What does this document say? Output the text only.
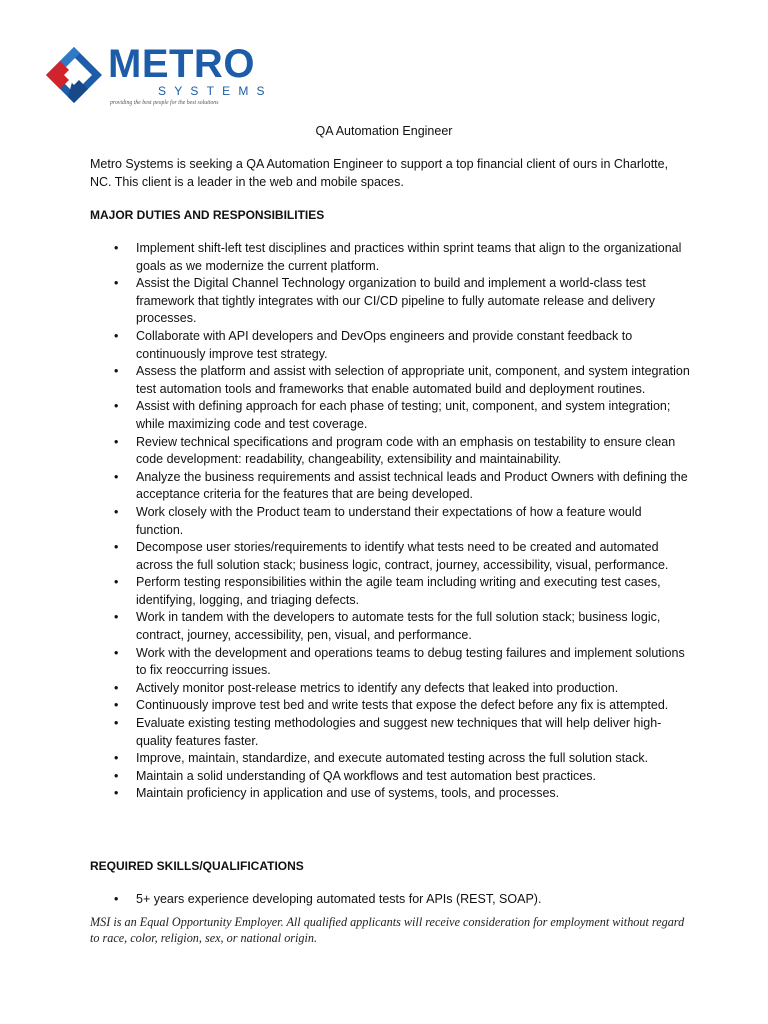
METRO
SYSTEMS
providing the best people for the best solutions
QA Automation Engineer
Metro Systems is seeking a QA Automation Engineer to support a top financial client of ours in Charlotte, NC. This client is a leader in the web and mobile spaces.
MAJOR DUTIES AND RESPONSIBILITIES
• Implement shift-left test disciplines and practices within sprint teams that align to the organizational goals as we modernize the current platform.
• Assist the Digital Channel Technology organization to build and implement a world-class test framework that tightly integrates with our CI/CD pipeline to fully automate release and delivery processes.
• Collaborate with API developers and DevOps engineers and provide constant feedback to continuously improve test strategy.
• Assess the platform and assist with selection of appropriate unit, component, and system integration test automation tools and frameworks that enable automated build and deployment routines.
• Assist with defining approach for each phase of testing; unit, component, and system integration; while maximizing code and test coverage.
• Review technical specifications and program code with an emphasis on testability to ensure clean code development: readability, changeability, extensibility and maintainability.
• Analyze the business requirements and assist technical leads and Product Owners with defining the acceptance criteria for the features that are being developed.
• Work closely with the Product team to understand their expectations of how a feature would function.
• Decompose user stories/requirements to identify what tests need to be created and automated across the full solution stack; business logic, contract, journey, accessibility, visual, performance.
• Perform testing responsibilities within the agile team including writing and executing test cases, identifying, logging, and triaging defects.
• Work in tandem with the developers to automate tests for the full solution stack; business logic, contract, journey, accessibility, pen, visual, and performance.
• Work with the development and operations teams to debug testing failures and implement solutions to fix reoccurring issues.
• Actively monitor post-release metrics to identify any defects that leaked into production.
• Continuously improve test bed and write tests that expose the defect before any fix is attempted.
• Evaluate existing testing methodologies and suggest new techniques that will help deliver high-quality features faster.
• Improve, maintain, standardize, and execute automated testing across the full solution stack.
• Maintain a solid understanding of QA workflows and test automation best practices.
• Maintain proficiency in application and use of systems, tools, and processes.
REQUIRED SKILLS/QUALIFICATIONS
• 5+ years experience developing automated tests for APIs (REST, SOAP).
MSI is an Equal Opportunity Employer. All qualified applicants will receive consideration for employment without regard to race, color, religion, sex, or national origin.
